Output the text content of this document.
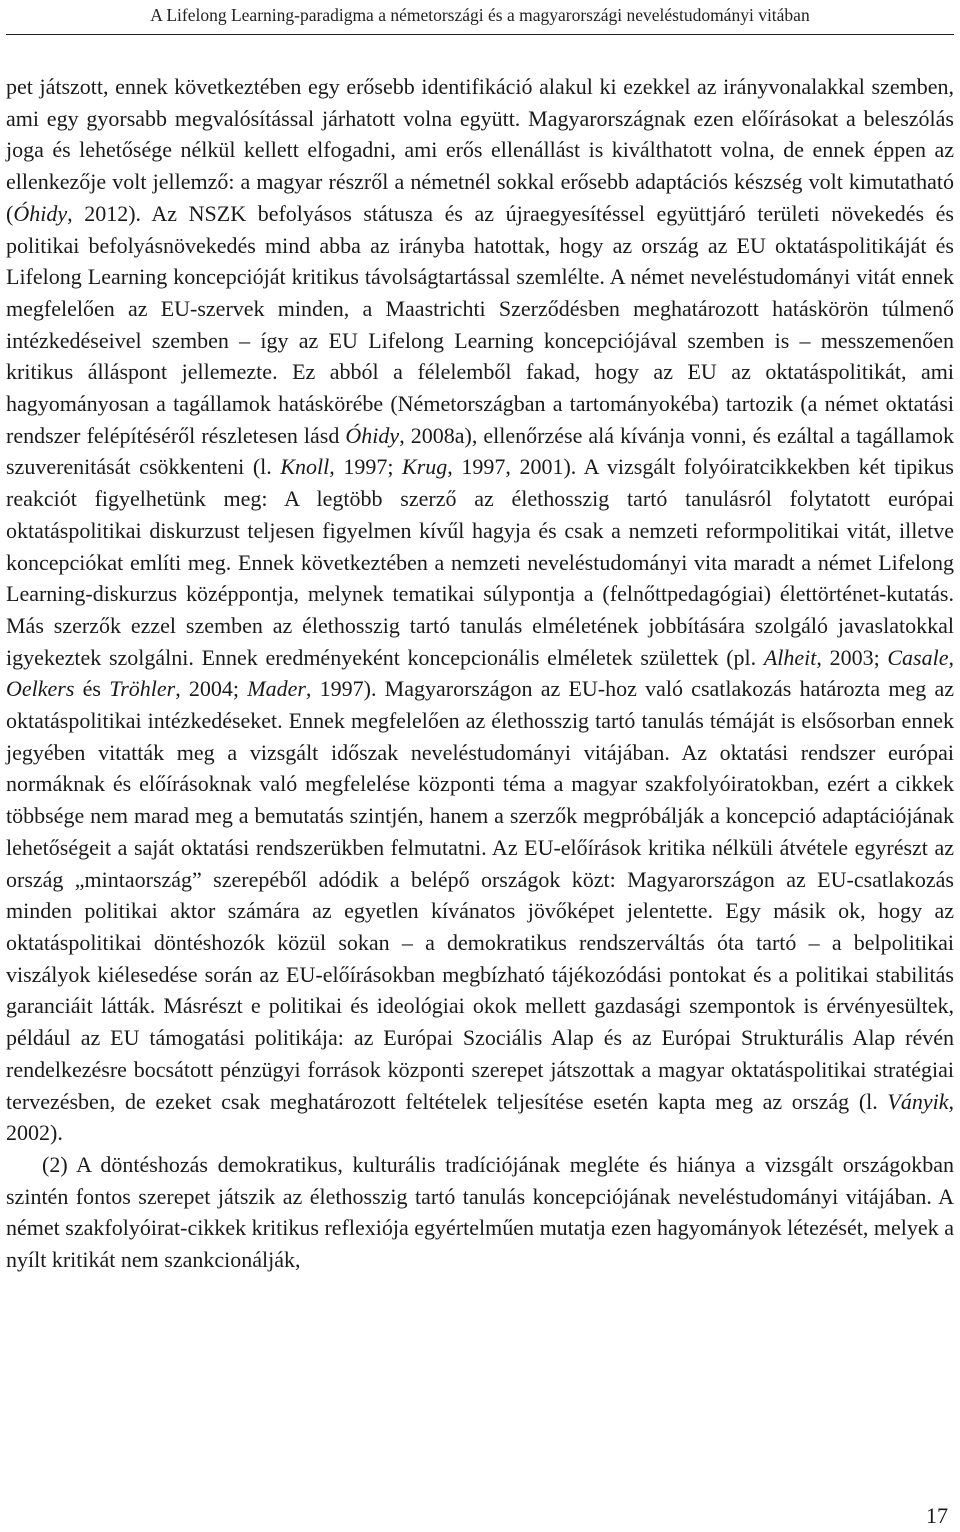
A Lifelong Learning-paradigma a németországi és a magyarországi neveléstudományi vitában

pet játszott, ennek következtében egy erősebb identifikáció alakul ki ezekkel az irányvonalakkal szemben, ami egy gyorsabb megvalósítással járhatott volna együtt. Magyarországnak ezen előírásokat a beleszólás joga és lehetősége nélkül kellett elfogadni, ami erős ellenállást is kiválthatott volna, de ennek éppen az ellenkezője volt jellemző: a magyar részről a németnél sokkal erősebb adaptációs készség volt kimutatható (Óhidy, 2012). Az NSZK befolyásos státusza és az újraegyesítéssel együttjáró területi növekedés és politikai befolyásnövekedés mind abba az irányba hatottak, hogy az ország az EU oktatáspolitikáját és Lifelong Learning koncepcióját kritikus távolságtartással szemlélte. A német neveléstudományi vitát ennek megfelelően az EU-szervek minden, a Maastrichti Szerződésben meghatározott hatáskörön túlmenő intézkedéseivel szemben – így az EU Lifelong Learning koncepciójával szemben is – messzemenően kritikus álláspont jellemezte. Ez abból a félelemből fakad, hogy az EU az oktatáspolitikát, ami hagyományosan a tagállamok hatáskörébe (Németországban a tartományokéba) tartozik (a német oktatási rendszer felépítéséről részletesen lásd Óhidy, 2008a), ellenőrzése alá kívánja vonni, és ezáltal a tagállamok szuverenitását csökkenteni (l. Knoll, 1997; Krug, 1997, 2001). A vizsgált folyóiratcikkekben két tipikus reakciót figyelhetünk meg: A legtöbb szerző az élethosszig tartó tanulásról folytatott európai oktatáspolitikai diskurzust teljesen figyelmen kívűl hagyja és csak a nemzeti reformpolitikai vitát, illetve koncepciókat említi meg. Ennek következtében a nemzeti neveléstudományi vita maradt a német Lifelong Learning-diskurzus középpontja, melynek tematikai súlypontja a (felnőttpedagógiai) élettörténet-kutatás. Más szerzők ezzel szemben az élethosszig tartó tanulás elméletének jobbítására szolgáló javaslatokkal igyekeztek szolgálni. Ennek eredményeként koncepcionális elméletek születtek (pl. Alheit, 2003; Casale, Oelkers és Tröhler, 2004; Mader, 1997). Magyarországon az EU-hoz való csatlakozás határozta meg az oktatáspolitikai intézkedéseket. Ennek megfelelően az élethosszig tartó tanulás témáját is elsősorban ennek jegyében vitatták meg a vizsgált időszak neveléstudományi vitájában. Az oktatási rendszer európai normáknak és előírásoknak való megfelelése központi téma a magyar szakfolyóiratokban, ezért a cikkek többsége nem marad meg a bemutatás szintjén, hanem a szerzők megpróbálják a koncepció adaptációjának lehetőségeit a saját oktatási rendszerükben felmutatni. Az EU-előírások kritika nélküli átvétele egyrészt az ország „mintaország” szerepéből adódik a belépő országok közt: Magyarországon az EU-csatlakozás minden politikai aktor számára az egyetlen kívánatos jövőképet jelentette. Egy másik ok, hogy az oktatáspolitikai döntéshozók közül sokan – a demokratikus rendszerváltás óta tartó – a belpolitikai viszályok kiélesedése során az EU-előírásokban megbízható tájékozódási pontokat és a politikai stabilitás garanciáit látták. Másrészt e politikai és ideológiai okok mellett gazdasági szempontok is érvényesültek, például az EU támogatási politikája: az Európai Szociális Alap és az Európai Strukturális Alap révén rendelkezésre bocsátott pénzügyi források központi szerepet játszottak a magyar oktatáspolitikai stratégiai tervezésben, de ezeket csak meghatározott feltételek teljesítése esetén kapta meg az ország (l. Ványik, 2002).

(2) A döntéshozás demokratikus, kulturális tradíciójának megléte és hiánya a vizsgált országokban szintén fontos szerepet játszik az élethosszig tartó tanulás koncepciójának neveléstudományi vitájában. A német szakfolyóirat-cikkek kritikus reflexiója egyértelműen mutatja ezen hagyományok létezését, melyek a nyílt kritikát nem szankcionálják,

17
